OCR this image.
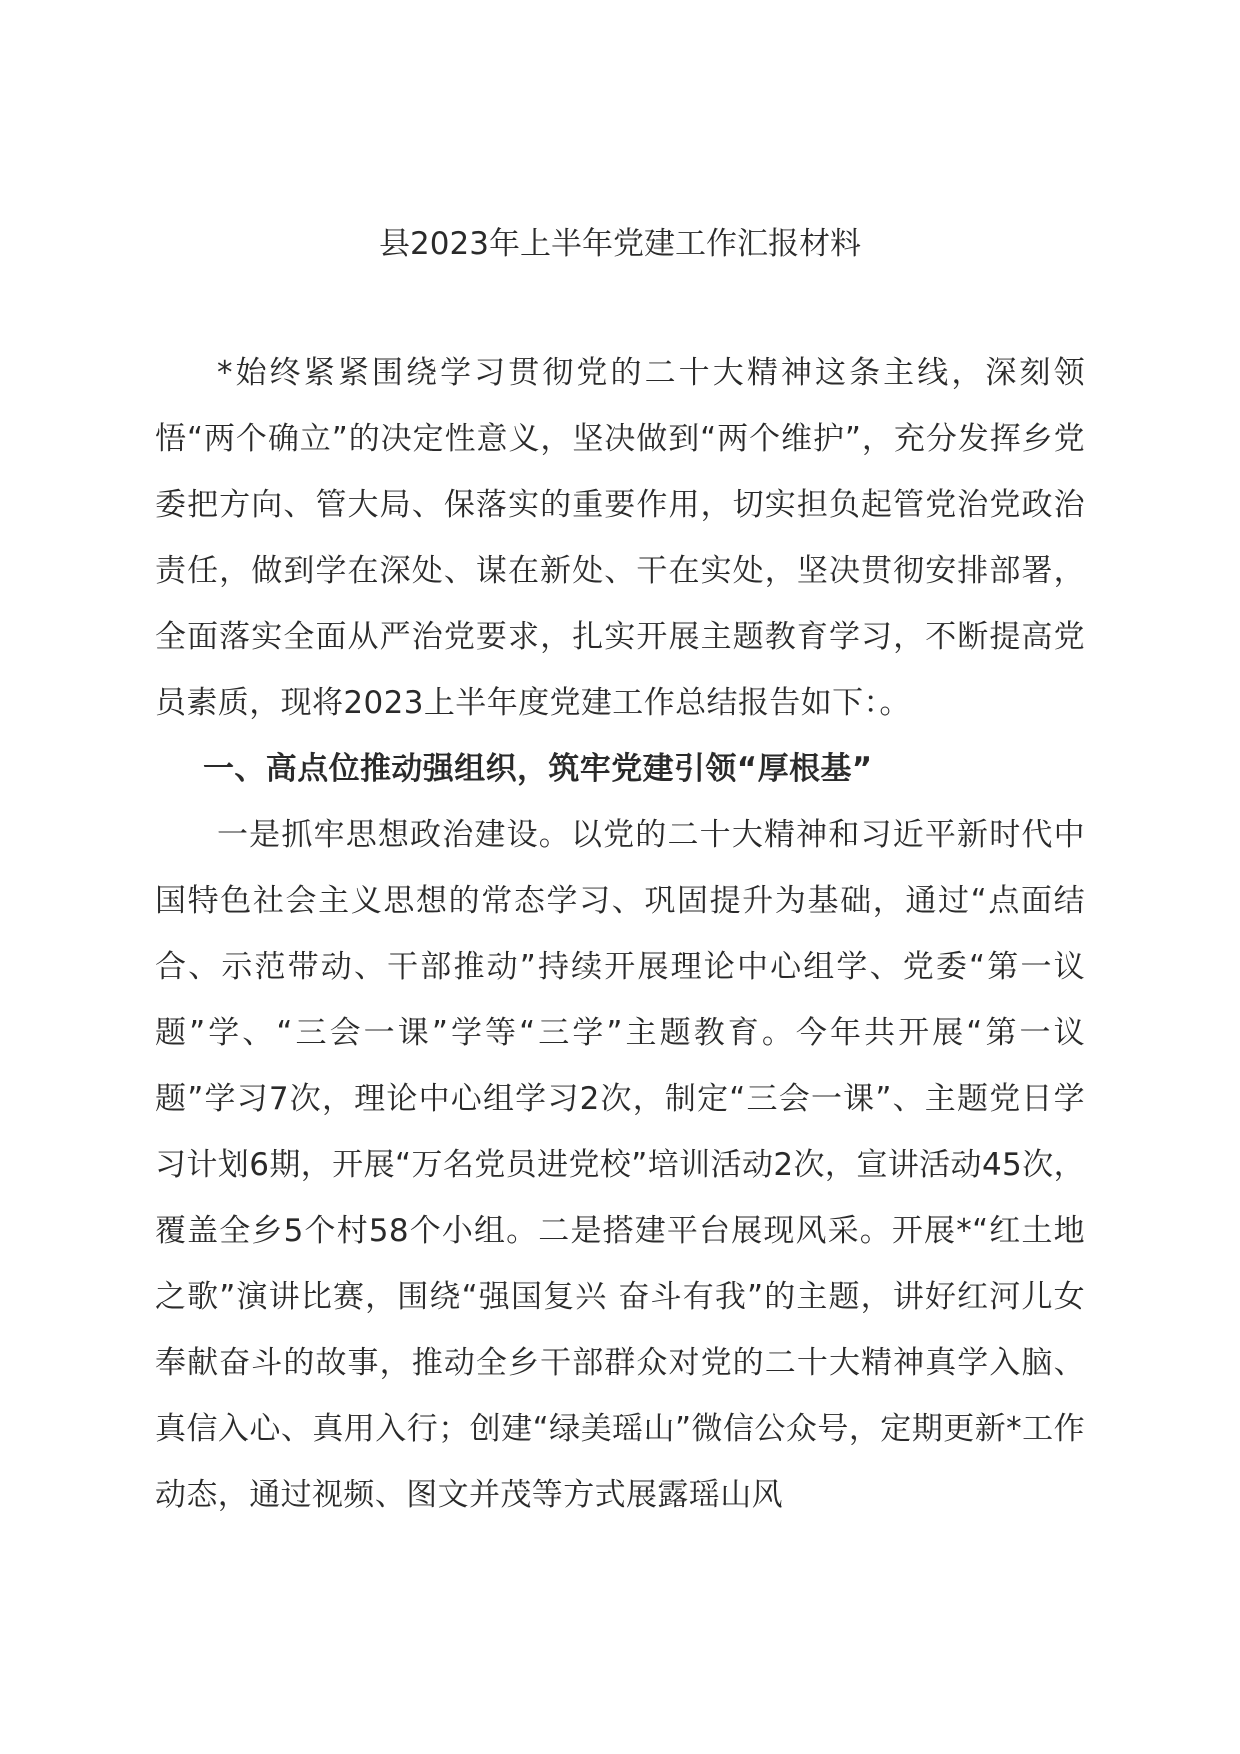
县2023年上半年党建工作汇报材料

*始终紧紧围绕学习贯彻党的二十大精神这条主线，深刻领悟“两个确立”的决定性意义，坚决做到“两个维护”，充分发挥乡党委把方向、管大局、保落实的重要作用，切实担负起管党治党政治责任，做到学在深处、谋在新处、干在实处，坚决贯彻安排部署，全面落实全面从严治党要求，扎实开展主题教育学习，不断提高党员素质，现将2023上半年度党建工作总结报告如下：。

一、高点位推动强组织，筑牢党建引领“厚根基”

一是抓牢思想政治建设。以党的二十大精神和习近平新时代中国特色社会主义思想的常态学习、巩固提升为基础，通过“点面结合、示范带动、干部推动”持续开展理论中心组学、党委“第一议题”学、“三会一课”学等“三学”主题教育。今年共开展“第一议题”学习7次，理论中心组学习2次，制定“三会一课”、主题党日学习计划6期，开展“万名党员进党校”培训活动2次，宣讲活动45次，覆盖全乡5个村58个小组。二是搭建平台展现风采。开展*“红土地之歌”演讲比赛，围绕“强国复兴 奋斗有我”的主题，讲好红河儿女奉献奋斗的故事，推动全乡干部群众对党的二十大精神真学入脑、真信入心、真用入行；创建“绿美瑶山”微信公众号，定期更新*工作动态，通过视频、图文并茂等方式展露瑶山风
